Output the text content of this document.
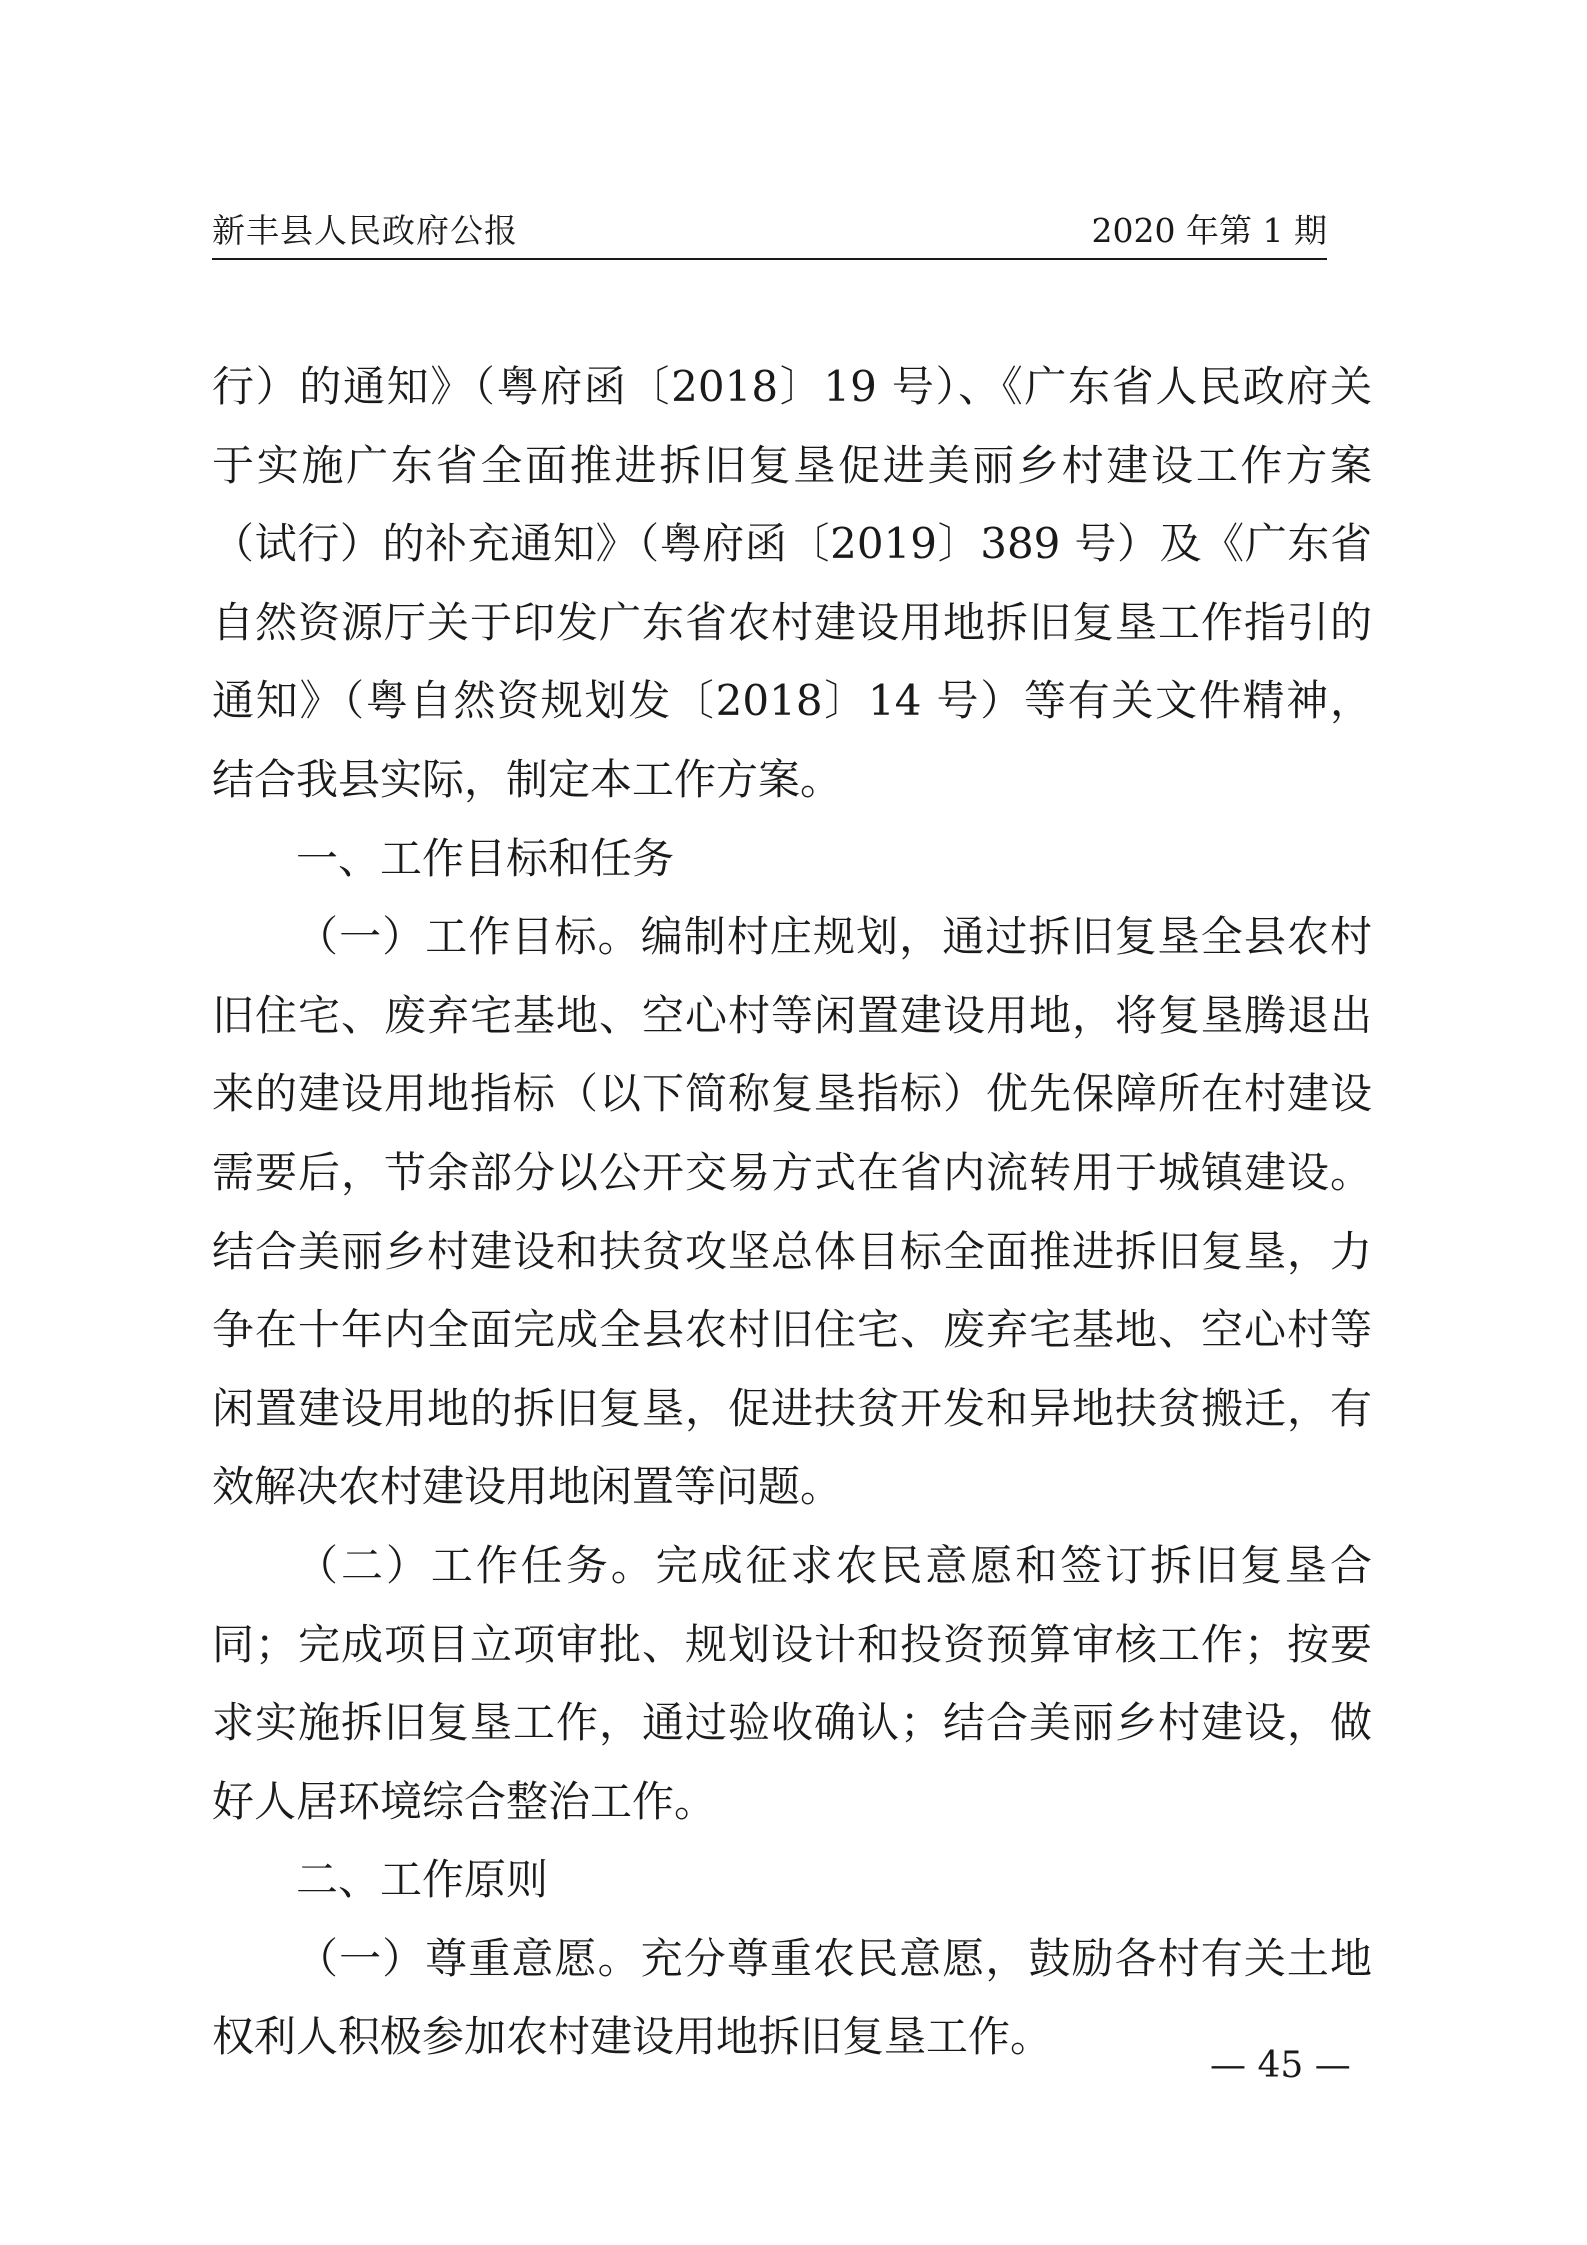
新丰县人民政府公报	2020 年第 1 期

行）的通知》（粤府函〔2018〕19 号）、《广东省人民政府关于实施广东省全面推进拆旧复垦促进美丽乡村建设工作方案（试行）的补充通知》（粤府函〔2019〕389 号）及《广东省自然资源厅关于印发广东省农村建设用地拆旧复垦工作指引的通知》（粤自然资规划发〔2018〕14 号）等有关文件精神，结合我县实际，制定本工作方案。

一、工作目标和任务

（一）工作目标。编制村庄规划，通过拆旧复垦全县农村旧住宅、废弃宅基地、空心村等闲置建设用地，将复垦腾退出来的建设用地指标（以下简称复垦指标）优先保障所在村建设需要后，节余部分以公开交易方式在省内流转用于城镇建设。结合美丽乡村建设和扶贫攻坚总体目标全面推进拆旧复垦，力争在十年内全面完成全县农村旧住宅、废弃宅基地、空心村等闲置建设用地的拆旧复垦，促进扶贫开发和异地扶贫搬迁，有效解决农村建设用地闲置等问题。

（二）工作任务。完成征求农民意愿和签订拆旧复垦合同；完成项目立项审批、规划设计和投资预算审核工作；按要求实施拆旧复垦工作，通过验收确认；结合美丽乡村建设，做好人居环境综合整治工作。

二、工作原则

（一）尊重意愿。充分尊重农民意愿，鼓励各村有关土地权利人积极参加农村建设用地拆旧复垦工作。

— 45 —
